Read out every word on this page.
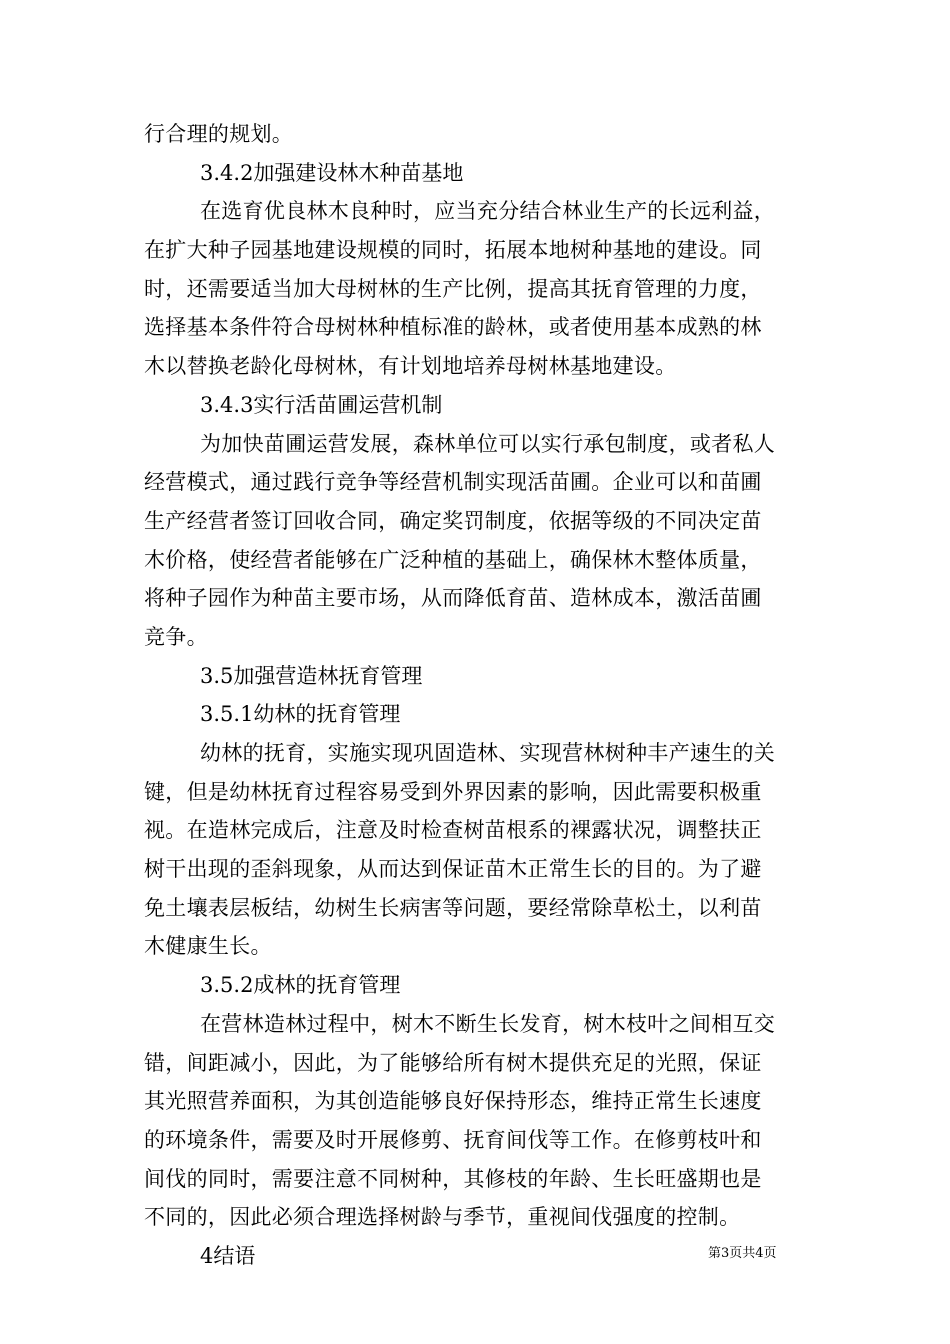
行合理的规划。
3.4.2加强建设林木种苗基地
在选育优良林木良种时，应当充分结合林业生产的长远利益，
在扩大种子园基地建设规模的同时，拓展本地树种基地的建设。同
时，还需要适当加大母树林的生产比例，提高其抚育管理的力度，
选择基本条件符合母树林种植标准的龄林，或者使用基本成熟的林
木以替换老龄化母树林，有计划地培养母树林基地建设。
3.4.3实行活苗圃运营机制
为加快苗圃运营发展，森林单位可以实行承包制度，或者私人
经营模式，通过践行竞争等经营机制实现活苗圃。企业可以和苗圃
生产经营者签订回收合同，确定奖罚制度，依据等级的不同决定苗
木价格，使经营者能够在广泛种植的基础上，确保林木整体质量，
将种子园作为种苗主要市场，从而降低育苗、造林成本，激活苗圃
竞争。
3.5加强营造林抚育管理
3.5.1幼林的抚育管理
幼林的抚育，实施实现巩固造林、实现营林树种丰产速生的关
键，但是幼林抚育过程容易受到外界因素的影响，因此需要积极重
视。在造林完成后，注意及时检查树苗根系的裸露状况，调整扶正
树干出现的歪斜现象，从而达到保证苗木正常生长的目的。为了避
免土壤表层板结，幼树生长病害等问题，要经常除草松土，以利苗
木健康生长。
3.5.2成林的抚育管理
在营林造林过程中，树木不断生长发育，树木枝叶之间相互交
错，间距减小，因此，为了能够给所有树木提供充足的光照，保证
其光照营养面积，为其创造能够良好保持形态，维持正常生长速度
的环境条件，需要及时开展修剪、抚育间伐等工作。在修剪枝叶和
间伐的同时，需要注意不同树种，其修枝的年龄、生长旺盛期也是
不同的，因此必须合理选择树龄与季节，重视间伐强度的控制。
4结语	第3页共4页
